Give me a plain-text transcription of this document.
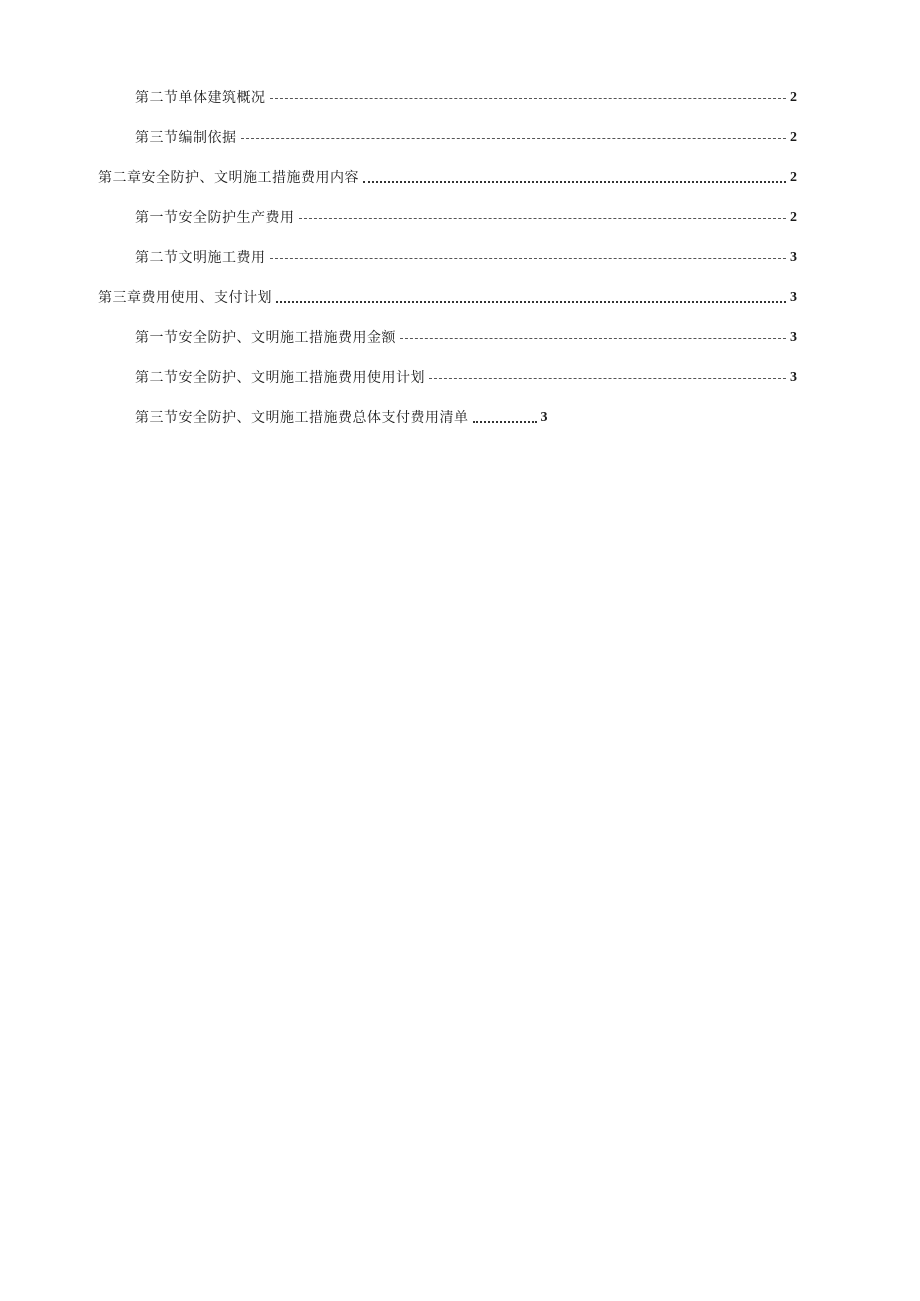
第二节单体建筑概况	2
第三节编制依据	2
第二章安全防护、文明施工措施费用内容	2
第一节安全防护生产费用	2
第二节文明施工费用	3
第三章费用使用、支付计划	3
第一节安全防护、文明施工措施费用金额	3
第二节安全防护、文明施工措施费用使用计划	3
第三节安全防护、文明施工措施费总体支付费用清单	3
